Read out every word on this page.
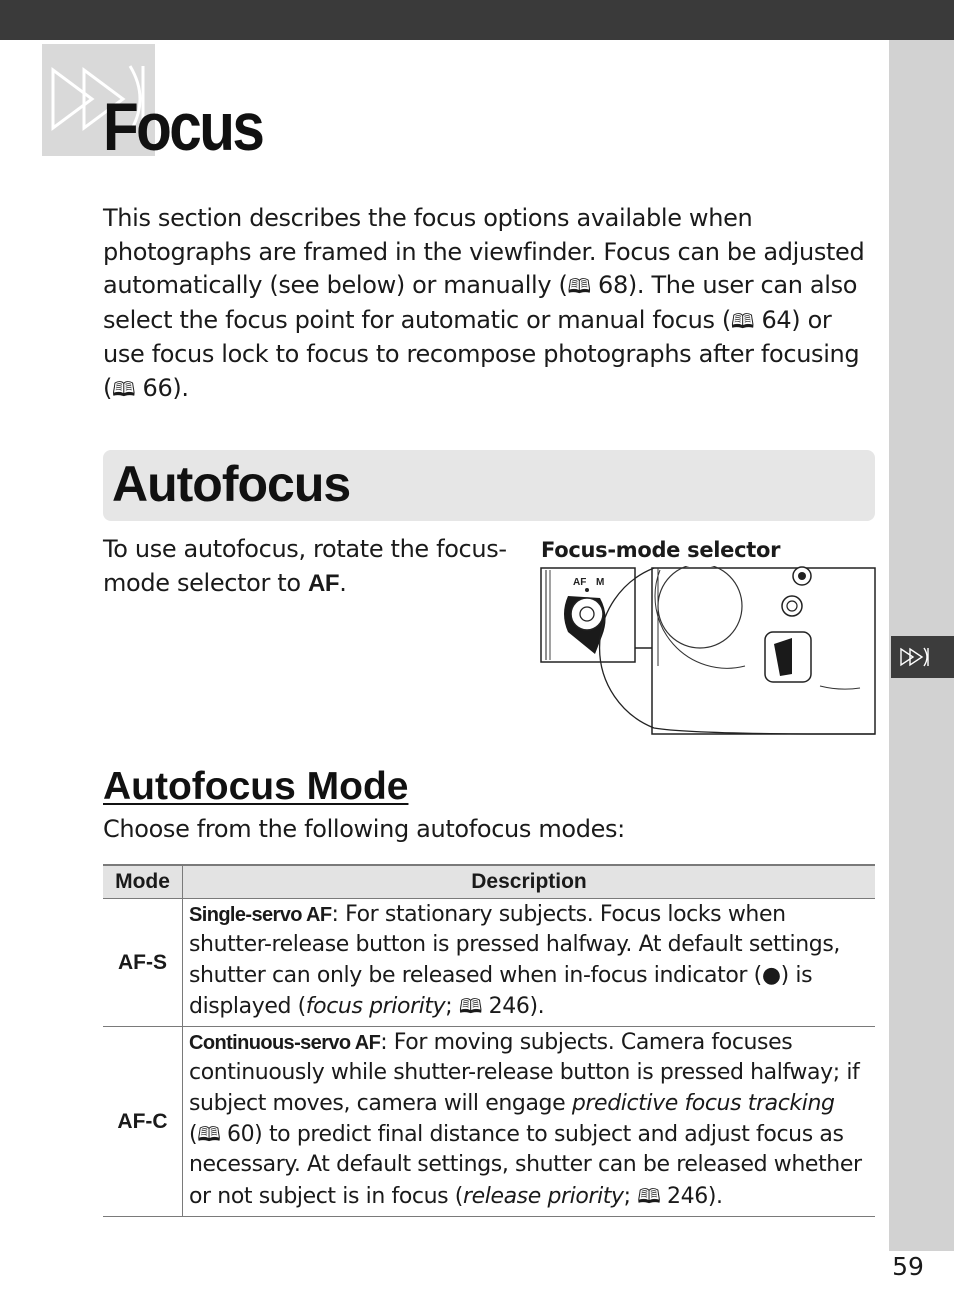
Focus

This section describes the focus options available when photographs are framed in the viewfinder. Focus can be adjusted automatically (see below) or manually (🕮 68). The user can also select the focus point for automatic or manual focus (🕮 64) or use focus lock to focus to recompose photographs after focusing (🕮 66).

Autofocus

To use autofocus, rotate the focus-mode selector to AF.

Focus-mode selector

AF M
Autofocus Mode

Choose from the following autofocus modes:

Mode	Description
AF-S	Single-servo AF: For stationary subjects. Focus locks when shutter-release button is pressed halfway. At default settings, shutter can only be released when in-focus indicator (●) is displayed (focus priority; 🕮 246).
AF-C	Continuous-servo AF: For moving subjects. Camera focuses continuously while shutter-release button is pressed halfway; if subject moves, camera will engage predictive focus tracking (🕮 60) to predict final distance to subject and adjust focus as necessary. At default settings, shutter can be released whether or not subject is in focus (release priority; 🕮 246).

59
